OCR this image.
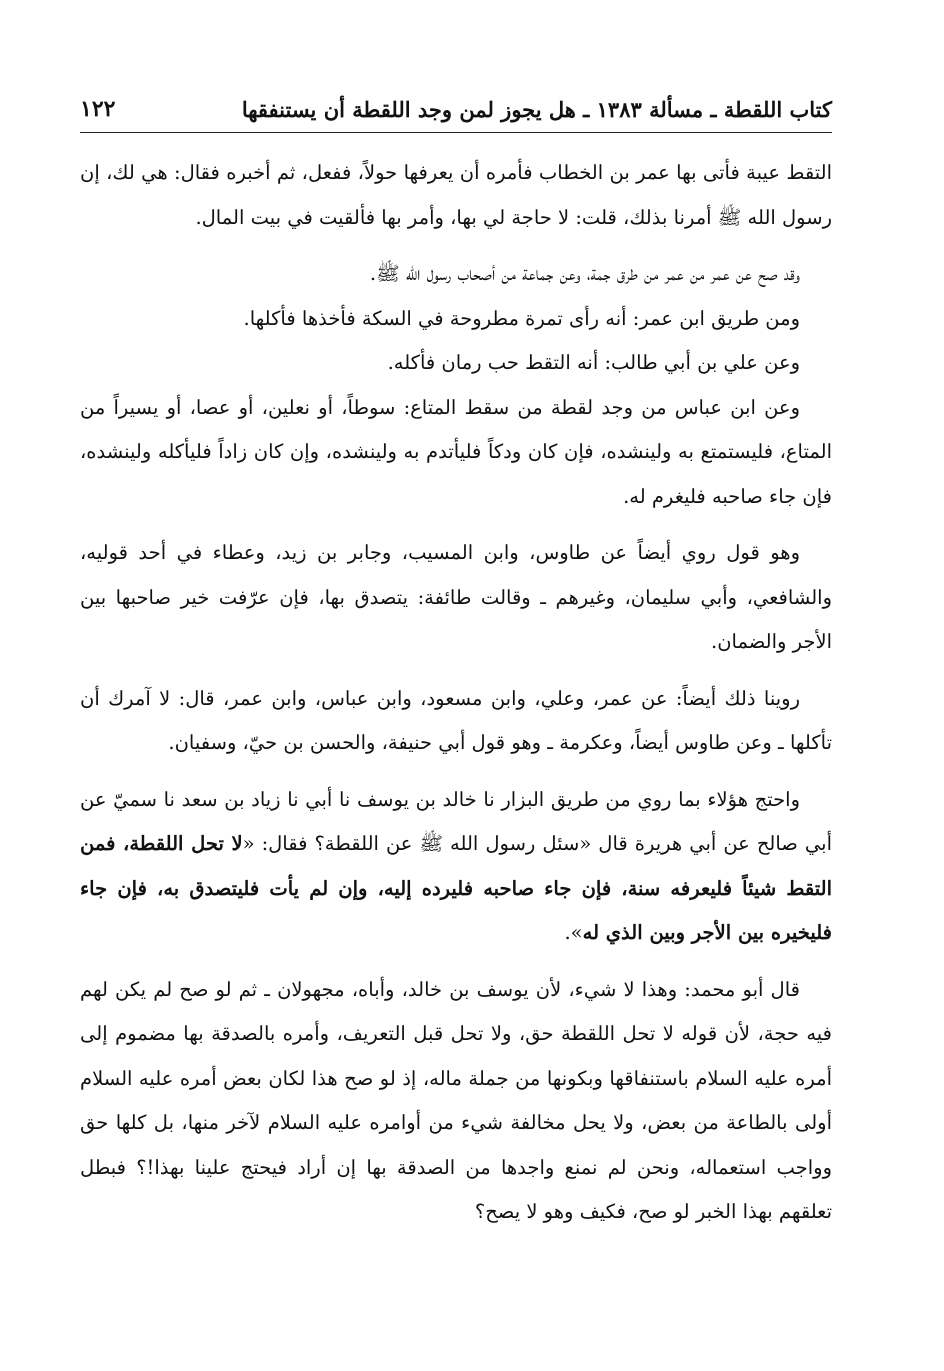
كتاب اللقطة ـ مسألة ١٣٨٣ ـ هل يجوز لمن وجد اللقطة أن يستنفقها
١٢٢

التقط عيبة فأتى بها عمر بن الخطاب فأمره أن يعرفها حولاً، ففعل، ثم أخبره فقال: هي لك، إن رسول الله ﷺ أمرنا بذلك، قلت: لا حاجة لي بها، وأمر بها فألقيت في بيت المال.

وقد صح عن عمر من عمر من طرق جمة، وعن جماعة من أصحاب رسول الله ﷺ.

ومن طريق ابن عمر: أنه رأى تمرة مطروحة في السكة فأخذها فأكلها.

وعن علي بن أبي طالب: أنه التقط حب رمان فأكله.

وعن ابن عباس من وجد لقطة من سقط المتاع: سوطاً، أو نعلين، أو عصا، أو يسيراً من المتاع، فليستمتع به ولينشده، فإن كان ودكاً فليأتدم به ولينشده، وإن كان زاداً فليأكله ولينشده، فإن جاء صاحبه فليغرم له.

وهو قول روي أيضاً عن طاوس، وابن المسيب، وجابر بن زيد، وعطاء في أحد قوليه، والشافعي، وأبي سليمان، وغيرهم ـ وقالت طائفة: يتصدق بها، فإن عرّفت خير صاحبها بين الأجر والضمان.

روينا ذلك أيضاً: عن عمر، وعلي، وابن مسعود، وابن عباس، وابن عمر، قال: لا آمرك أن تأكلها ـ وعن طاوس أيضاً، وعكرمة ـ وهو قول أبي حنيفة، والحسن بن حيّ، وسفيان.

واحتج هؤلاء بما روي من طريق البزار نا خالد بن يوسف نا أبي نا زياد بن سعد نا سميّ عن أبي صالح عن أبي هريرة قال «سئل رسول الله ﷺ عن اللقطة؟ فقال: «لا تحل اللقطة، فمن التقط شيئاً فليعرفه سنة، فإن جاء صاحبه فليرده إليه، وإن لم يأت فليتصدق به، فإن جاء فليخيره بين الأجر وبين الذي له».

قال أبو محمد: وهذا لا شيء، لأن يوسف بن خالد، وأباه، مجهولان ـ ثم لو صح لم يكن لهم فيه حجة، لأن قوله لا تحل اللقطة حق، ولا تحل قبل التعريف، وأمره بالصدقة بها مضموم إلى أمره عليه السلام باستنفاقها وبكونها من جملة ماله، إذ لو صح هذا لكان بعض أمره عليه السلام أولى بالطاعة من بعض، ولا يحل مخالفة شيء من أوامره عليه السلام لآخر منها، بل كلها حق وواجب استعماله، ونحن لم نمنع واجدها من الصدقة بها إن أراد فيحتج علينا بهذا!؟ فبطل تعلقهم بهذا الخبر لو صح، فكيف وهو لا يصح؟
